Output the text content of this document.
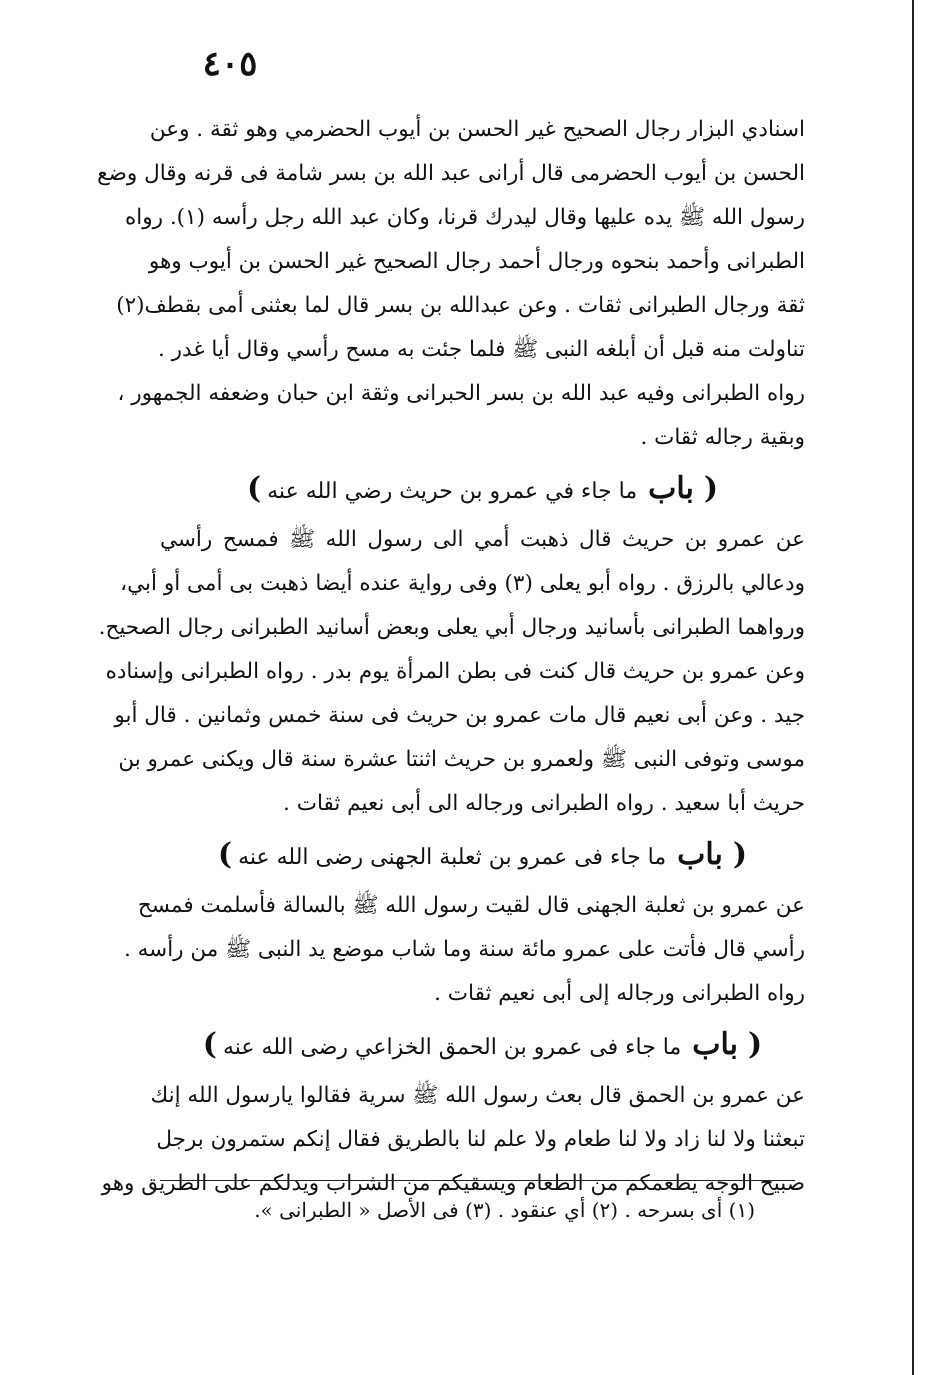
٤٠٥
اسنادي البزار رجال الصحيح غير الحسن بن أيوب الحضرمي وهو ثقة . وعن
الحسن بن أيوب الحضرمى قال أرانى عبد الله بن بسر شامة فى قرنه وقال وضع
رسول الله ﷺ يده عليها وقال ليدرك قرنا، وكان عبد الله رجل رأسه (١). رواه
الطبرانى وأحمد بنحوه ورجال أحمد رجال الصحيح غير الحسن بن أيوب وهو
ثقة ورجال الطبرانى ثقات . وعن عبدالله بن بسر قال لما بعثنى أمى بقطف(٢)
تناولت منه قبل أن أبلغه النبى ﷺ فلما جئت به مسح رأسي وقال أيا غدر .
رواه الطبرانى وفيه عبد الله بن بسر الحبرانى وثقة ابن حبان وضعفه الجمهور ،
وبقية رجاله ثقات .
(باب ما جاء في عمرو بن حريث رضي الله عنه)
عن عمرو بن حريث قال ذهبت أمي الى رسول الله ﷺ فمسح رأسي
ودعالي بالرزق . رواه أبو يعلى (٣) وفى رواية عنده أيضا ذهبت بى أمى أو أبي،
ورواهما الطبرانى بأسانيد ورجال أبي يعلى وبعض أسانيد الطبرانى رجال الصحيح.
وعن عمرو بن حريث قال كنت فى بطن المرأة يوم بدر . رواه الطبرانى وإسناده
جيد . وعن أبى نعيم قال مات عمرو بن حريث فى سنة خمس وثمانين . قال أبو
موسى وتوفى النبى ﷺ ولعمرو بن حريث اثنتا عشرة سنة قال ويكنى عمرو بن
حريث أبا سعيد . رواه الطبرانى ورجاله الى أبى نعيم ثقات .
(باب ما جاء فى عمرو بن ثعلبة الجهنى رضى الله عنه)
عن عمرو بن ثعلبة الجهنى قال لقيت رسول الله ﷺ بالسالة فأسلمت فمسح
رأسي قال فأتت على عمرو مائة سنة وما شاب موضع يد النبى ﷺ من رأسه .
رواه الطبرانى ورجاله إلى أبى نعيم ثقات .
(باب ما جاء فى عمرو بن الحمق الخزاعي رضى الله عنه)
عن عمرو بن الحمق قال بعث رسول الله ﷺ سرية فقالوا يارسول الله إنك
تبعثنا ولا لنا زاد ولا لنا طعام ولا علم لنا بالطريق فقال إنكم ستمرون برجل
صبيح الوجه يطعمكم من الطعام ويسقيكم من الشراب ويدلكم على الطريق وهو
(١) أى بسرحه . (٢) أي عنقود . (٣) فى الأصل « الطبرانى ».
